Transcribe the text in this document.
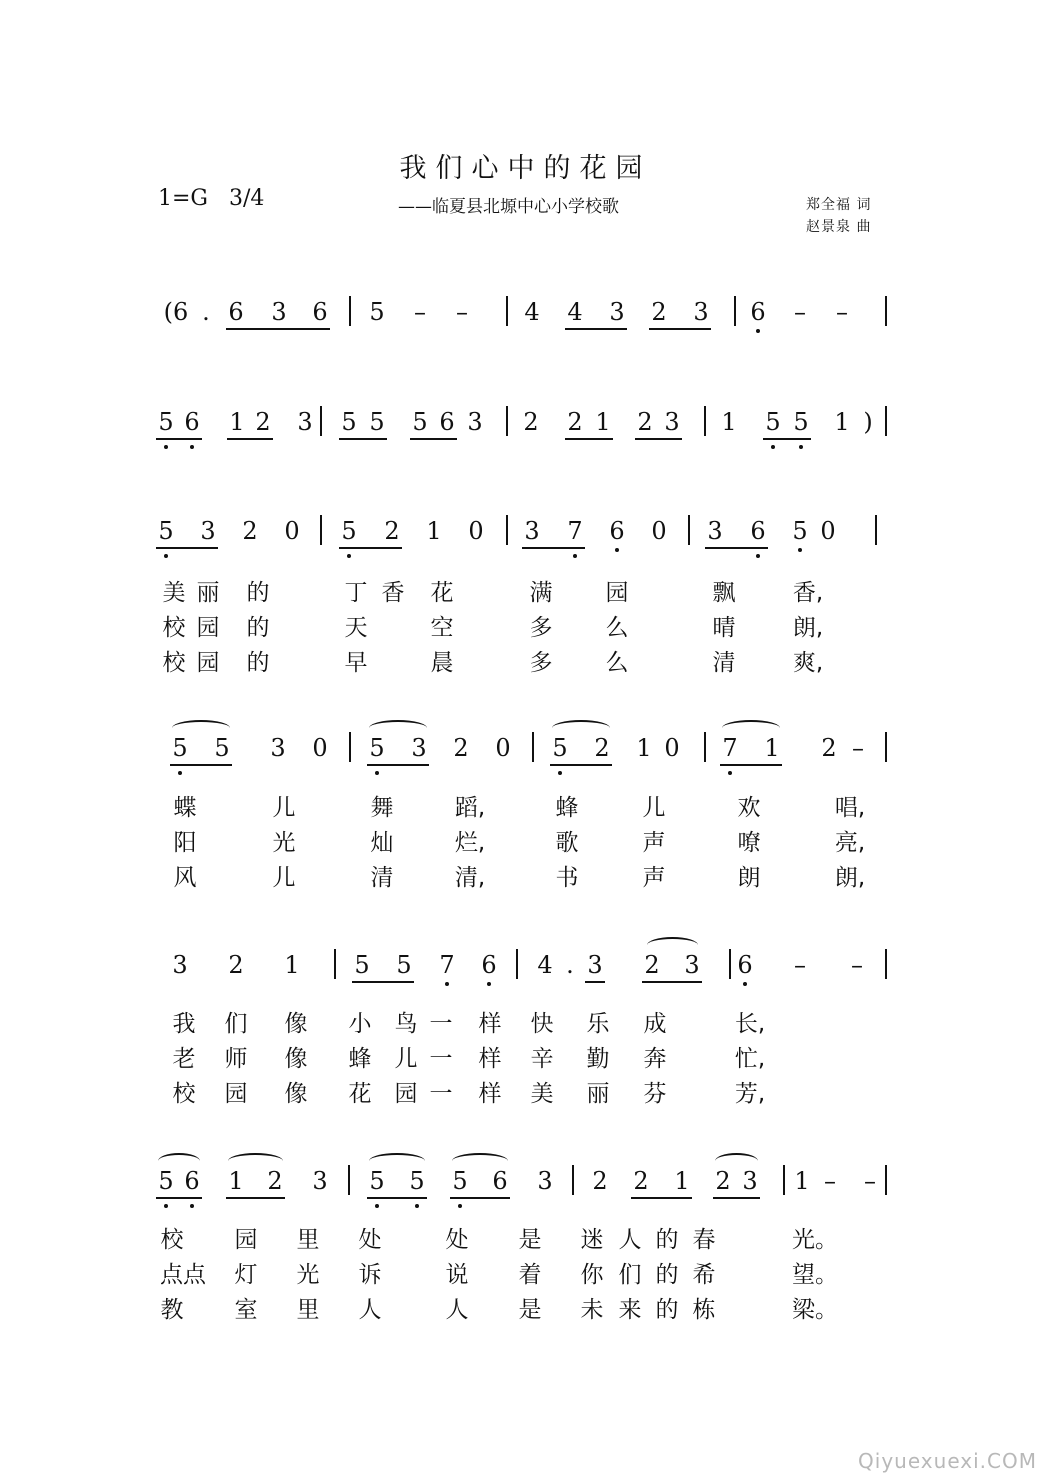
我们心中的花园
1=G   3/4	——临夏县北塬中心小学校歌	郑全福 词
赵景泉 曲
(6 . 6 3 6 5 – – 4 4 3 2 3 6 – –
5 6 1 2 3 5 5 5 6 3 2 2 1 2 3 1 5 5 1 )
5 3 2 0 5 2 1 0 3 7 6 0 3 6 5 0
5 5 3 0 5 3 2 0 5 2 1 0 7 1 2 –
3 2 1 5 5 7 6 4 . 3 2 3 6 – –
5 6 1 2 3 5 5 5 6 3 2 2 1 2 3 1 – –
美 丽 的	丁 香 花	满 园	飘 香,
校 园 的	天	空	多 么	晴 朗,
校 园 的	早	晨	多 么	清 爽,
蝶	儿	舞	蹈,	蜂	儿	欢	唱,
阳	光	灿	烂,	歌	声	嘹	亮,
风	儿	清	清,	书	声	朗	朗,
我 们 像 小 鸟 一 样 快 乐 成	长,
老 师 像 蜂 儿 一 样 辛 勤 奔	忙,
校 园 像 花 园 一 样 美 丽 芬	芳,
校 园 里 处	处 是 迷 人 的 春	光。
点点 灯 光 诉	说 着 你 们 的 希	望。
教 室 里 人	人 是 未 来 的 栋	梁。
Qiyuexuexi.COM
